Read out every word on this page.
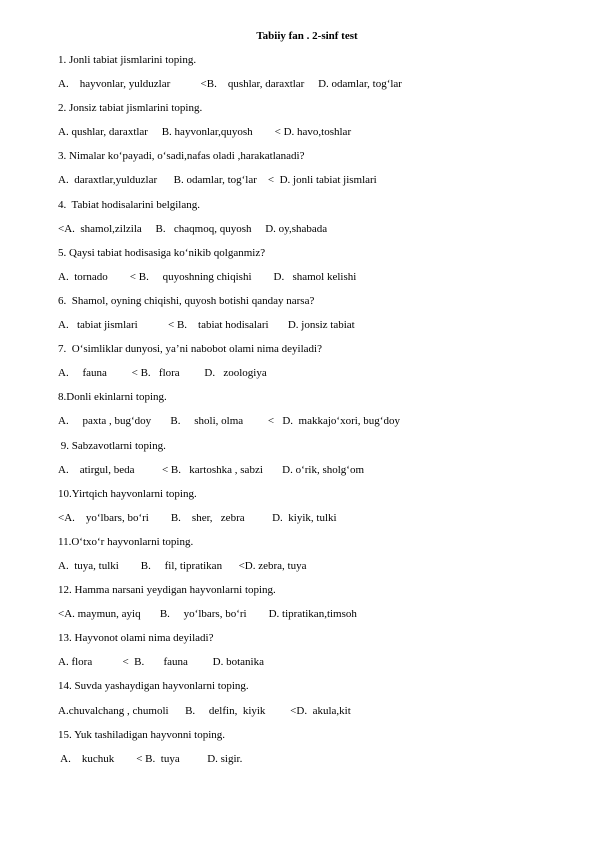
Tabiiy fan . 2-sinf test
1. Jonli tabiat jismlarini toping.
A.    hayvonlar, yulduzlar           <B.    qushlar, daraxtlar     D. odamlar, tog‘lar
2. Jonsiz tabiat jismlarini toping.
A. qushlar, daraxtlar     B. hayvonlar,quyosh        < D. havo,toshlar
3. Nimalar ko‘payadi, o‘sadi,nafas oladi ,harakatlanadi?
A.  daraxtlar,yulduzlar      B. odamlar, tog‘lar    <  D. jonli tabiat jismlari
4.  Tabiat hodisalarini belgilang.
<A.  shamol,zilzila     B.   chaqmoq, quyosh     D. oy,shabada
5. Qaysi tabiat hodisasiga ko‘nikib qolganmiz?
A.  tornado        < B.     quyoshning chiqishi        D.   shamol kelishi
6.  Shamol, oyning chiqishi, quyosh botishi qanday narsa?
A.   tabiat jismlari           < B.    tabiat hodisalari       D. jonsiz tabiat
7.  O‘simliklar dunyosi, ya’ni nabobot olami nima deyiladi?
A.     fauna         < B.   flora         D.   zoologiya
8.Donli ekinlarni toping.
A.     paxta , bug‘doy       B.     sholi, olma         <   D.  makkajo‘xori, bug‘doy
9. Sabzavotlarni toping.
A.    atirgul, beda          < B.   kartoshka , sabzi       D. o‘rik, sholg‘om
10.Yirtqich hayvonlarni toping.
<A.    yo‘lbars, bo‘ri        B.    sher,   zebra          D.  kiyik, tulki
11.O‘txo‘r hayvonlarni toping.
A.  tuya, tulki        B.     fil, tipratikan      <D. zebra, tuya
12. Hamma narsani yeydigan hayvonlarni toping.
<A. maymun, ayiq       B.     yo‘lbars, bo‘ri        D. tipratikan,timsoh
13. Hayvonot olami nima deyiladi?
A. flora           <  B.       fauna         D. botanika
14. Suvda yashaydigan hayvonlarni toping.
A.chuvalchang , chumoli      B.     delfin,  kiyik         <D.  akula,kit
15. Yuk tashiladigan hayvonni toping.
A.    kuchuk        < B.  tuya          D. sigir.
